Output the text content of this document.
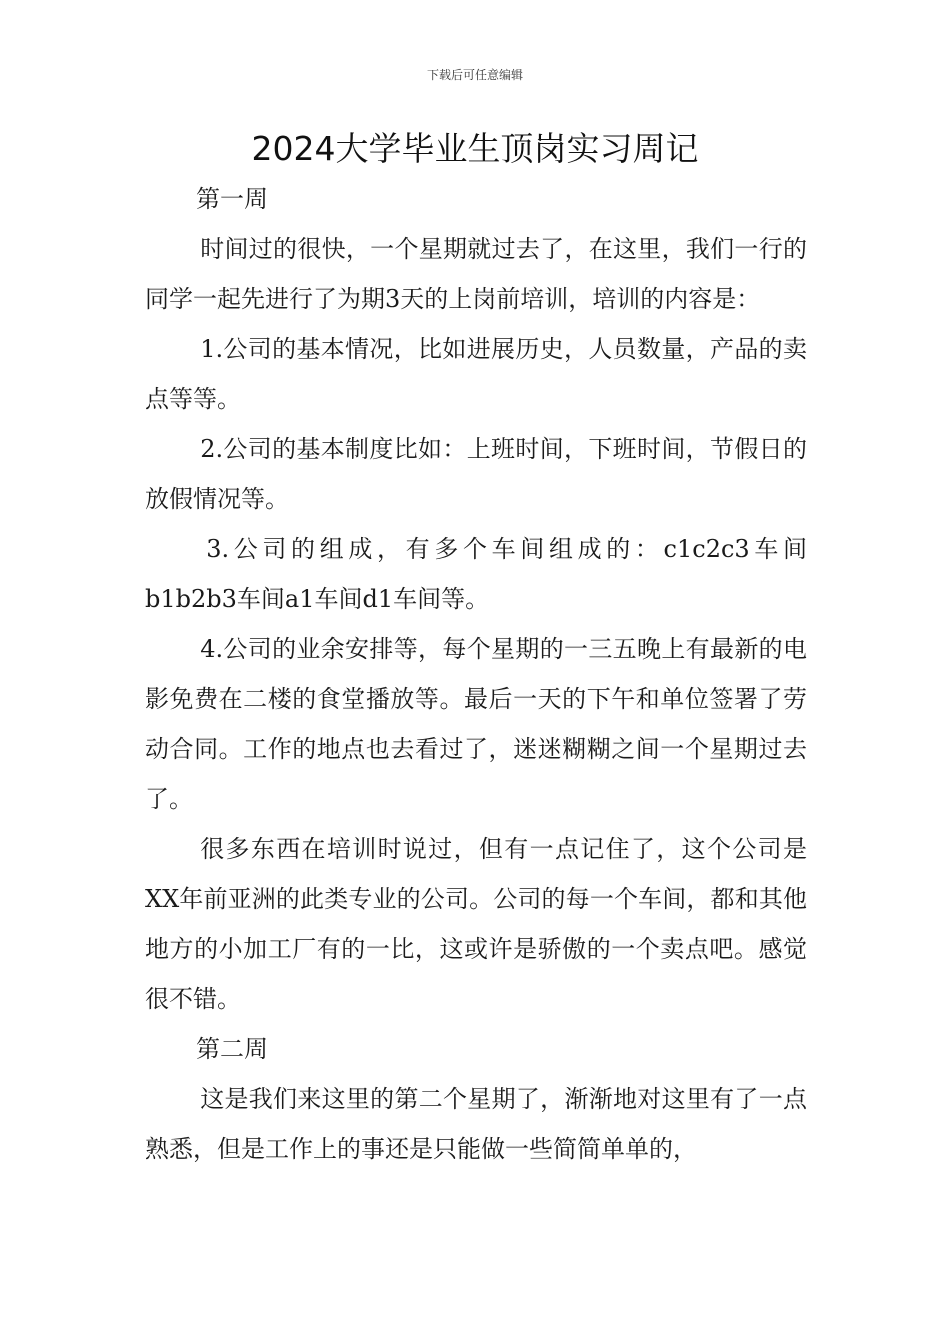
下载后可任意编辑
2024大学毕业生顶岗实习周记

第一周

时间过的很快，一个星期就过去了，在这里，我们一行的同学一起先进行了为期3天的上岗前培训，培训的内容是：

1.公司的基本情况，比如进展历史，人员数量，产品的卖点等等。

2.公司的基本制度比如：上班时间，下班时间，节假日的放假情况等。

3.公司的组成，有多个车间组成的：c1c2c3车间b1b2b3车间a1车间d1车间等。

4.公司的业余安排等，每个星期的一三五晚上有最新的电影免费在二楼的食堂播放等。最后一天的下午和单位签署了劳动合同。工作的地点也去看过了，迷迷糊糊之间一个星期过去了。

很多东西在培训时说过，但有一点记住了，这个公司是XX年前亚洲的此类专业的公司。公司的每一个车间，都和其他地方的小加工厂有的一比，这或许是骄傲的一个卖点吧。感觉很不错。

第二周

这是我们来这里的第二个星期了，渐渐地对这里有了一点熟悉，但是工作上的事还是只能做一些简简单单的，
